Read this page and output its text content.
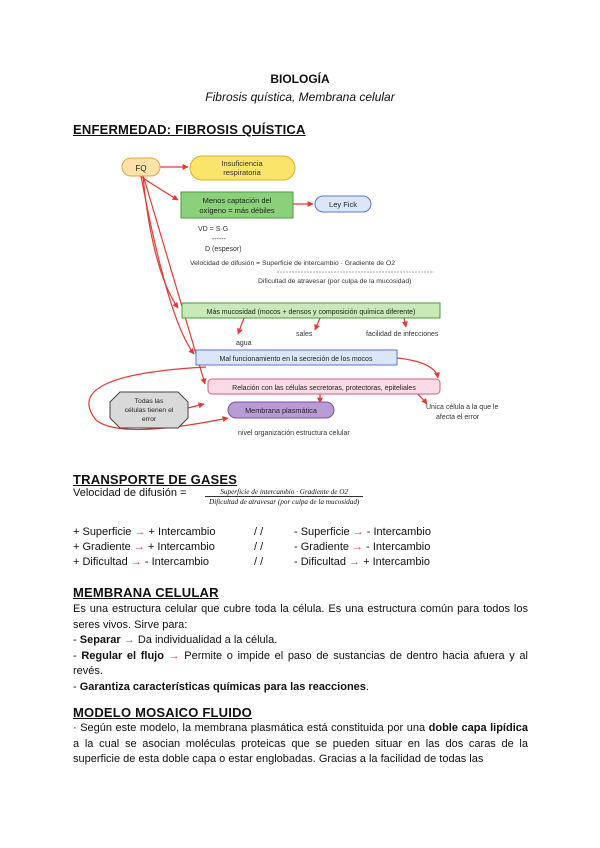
BIOLOGÍA
Fibrosis quística, Membrana celular
ENFERMEDAD: FIBROSIS QUÍSTICA
FQ
Insuficiencia
respiratoria
Menos captación del
oxígeno = más débiles
Ley Fick
VD = S·G
------
D (espesor)
Velocidad de difusión = Superficie de intercambio · Gradiente de O2
Dificultad de atravesar (por culpa de la mucosidad)
Más mucosidad (mocos + densos y composición química diferente)
agua
sales	facilidad de infecciones
Mal funcionamiento en la secreción de los mocos
Relación con las células secretoras, protectoras, epiteliales
Todas las
células tienen el
error
Membrana plasmática	Unica célula a la que le
afecta el error
nivel organización estructura celular
TRANSPORTE DE GASES
Velocidad de difusión =	Superficie de intercambio · Gradiente de O2
Dificultad de atravesar (por culpa de la mucosidad)
+ Superficie → + Intercambio	/ /	- Superficie → - Intercambio
+ Gradiente → + Intercambio	/ /	- Gradiente → - Intercambio
+ Dificultad → - Intercambio	/ /	- Dificultad → + Intercambio
MEMBRANA CELULAR
Es una estructura celular que cubre toda la célula. Es una estructura común para todos los seres vivos. Sirve para:
- Separar → Da individualidad a la célula.
- Regular el flujo → Permite o impide el paso de sustancias de dentro hacia afuera y al revés.
- Garantiza características químicas para las reacciones.
MODELO MOSAICO FLUIDO
· Según este modelo, la membrana plasmática está constituida por una doble capa lipídica a la cual se asocian moléculas proteicas que se pueden situar en las dos caras de la superficie de esta doble capa o estar englobadas. Gracias a la facilidad de todas las
